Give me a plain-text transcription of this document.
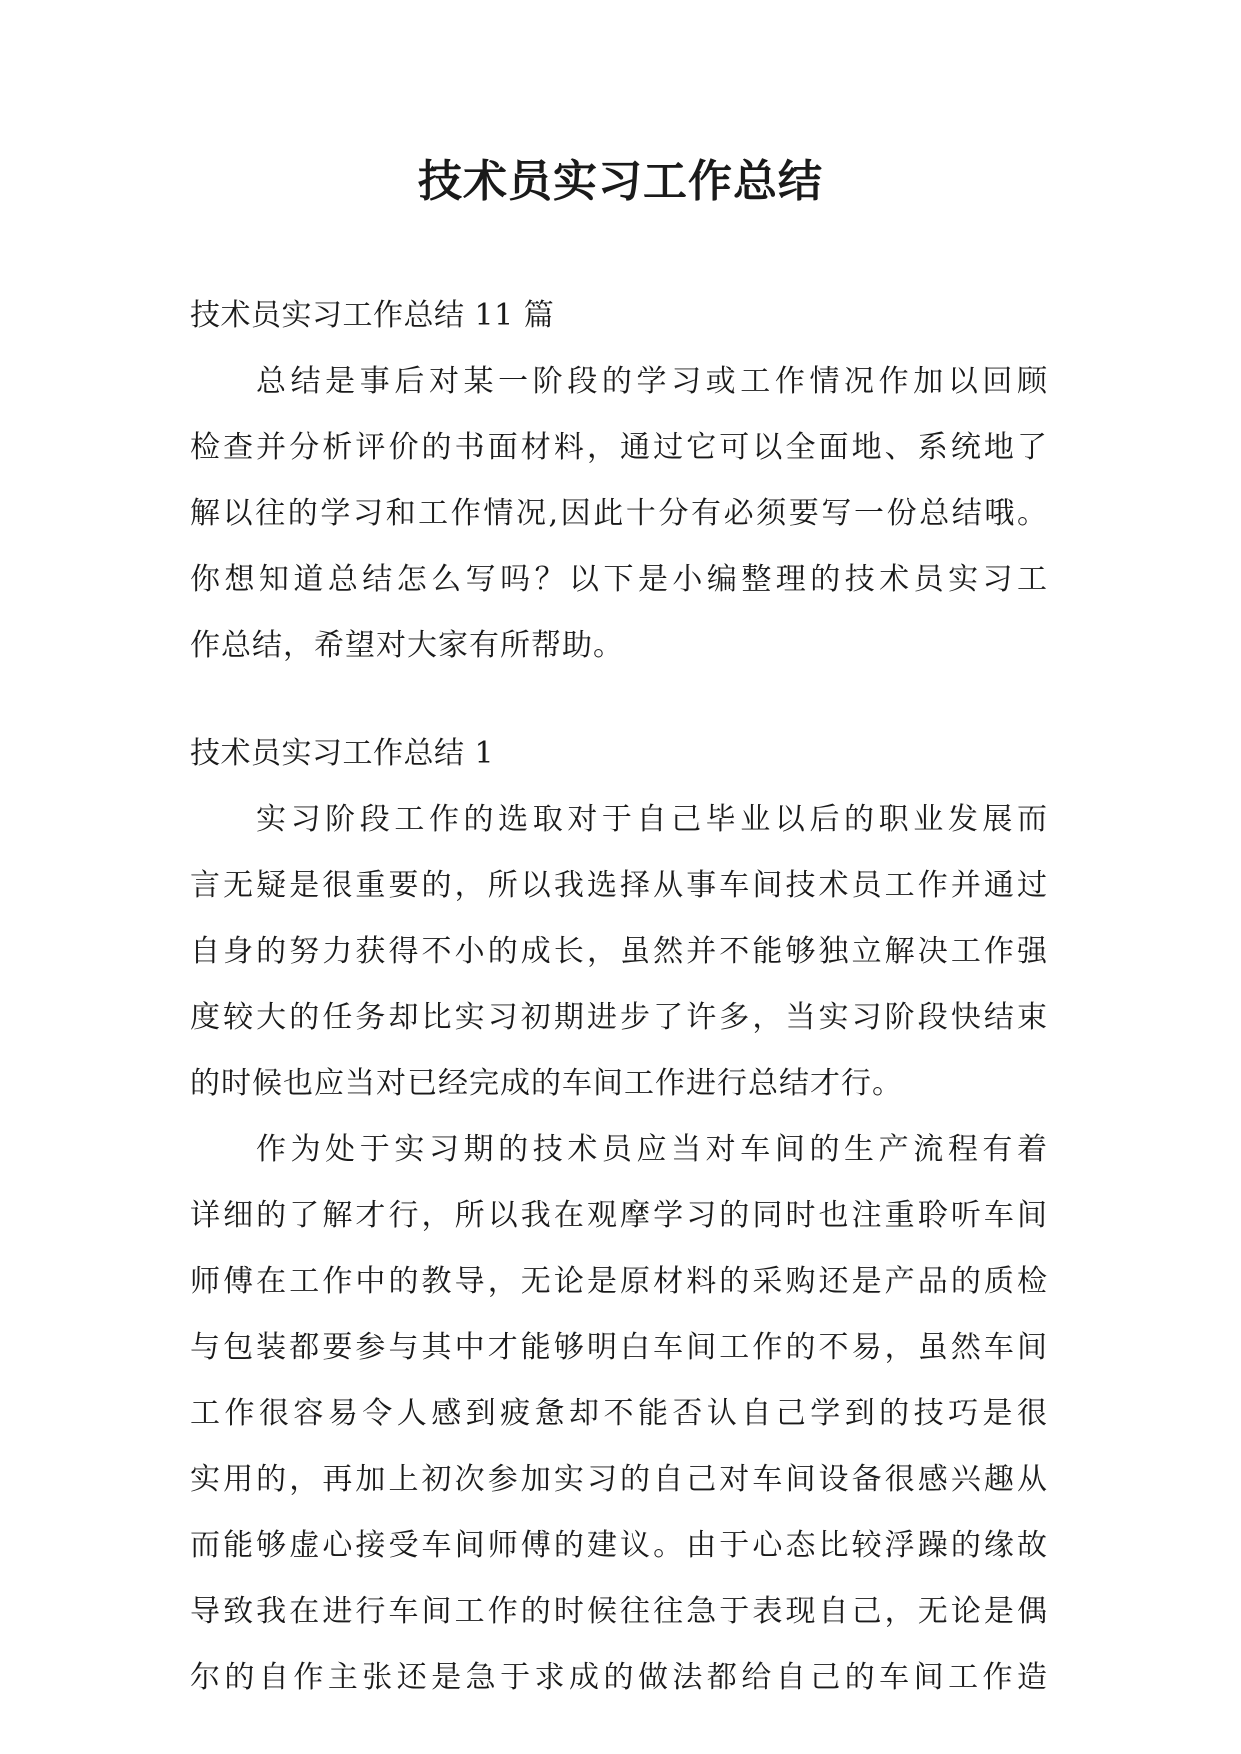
技术员实习工作总结
技术员实习工作总结 11 篇
总结是事后对某一阶段的学习或工作情况作加以回顾
检查并分析评价的书面材料，通过它可以全面地、系统地了
解以往的学习和工作情况,因此十分有必须要写一份总结哦。
你想知道总结怎么写吗？以下是小编整理的技术员实习工
作总结，希望对大家有所帮助。
技术员实习工作总结 1
实习阶段工作的选取对于自己毕业以后的职业发展而
言无疑是很重要的，所以我选择从事车间技术员工作并通过
自身的努力获得不小的成长，虽然并不能够独立解决工作强
度较大的任务却比实习初期进步了许多，当实习阶段快结束
的时候也应当对已经完成的车间工作进行总结才行。
作为处于实习期的技术员应当对车间的生产流程有着
详细的了解才行，所以我在观摩学习的同时也注重聆听车间
师傅在工作中的教导，无论是原材料的采购还是产品的质检
与包装都要参与其中才能够明白车间工作的不易，虽然车间
工作很容易令人感到疲惫却不能否认自己学到的技巧是很
实用的，再加上初次参加实习的自己对车间设备很感兴趣从
而能够虚心接受车间师傅的建议。由于心态比较浮躁的缘故
导致我在进行车间工作的时候往往急于表现自己，无论是偶
尔的自作主张还是急于求成的做法都给自己的车间工作造
